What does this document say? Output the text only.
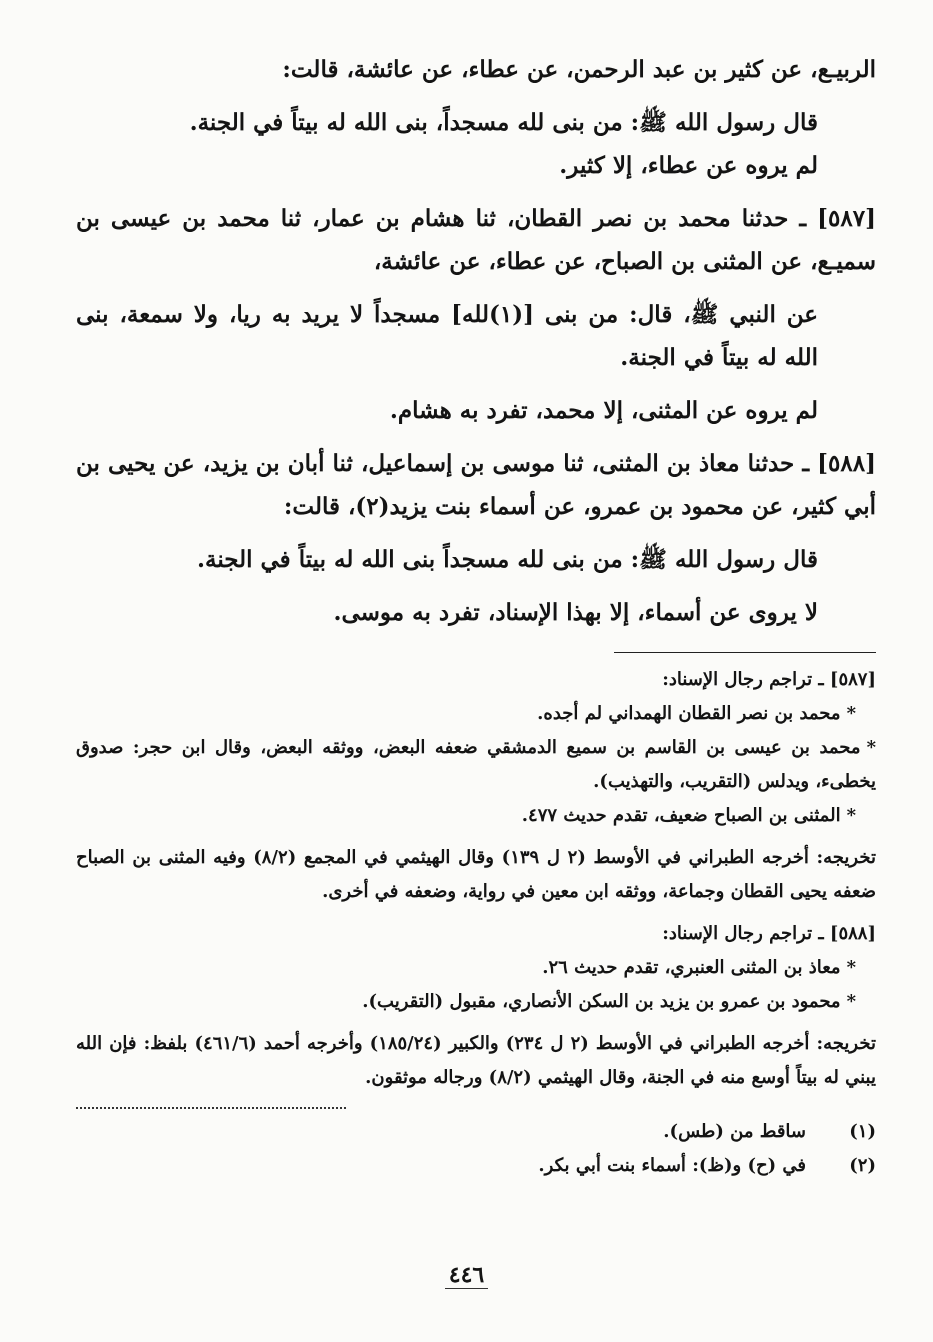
الربيـع، عن كثير بن عبد الرحمن، عن عطاء، عن عائشة، قالت:

قال رسول الله ﷺ: من بنى لله مسجداً، بنى الله له بيتاً في الجنة.

لم يروه عن عطاء، إلا كثير.

[٥٨٧] ـ حدثنا محمد بن نصر القطان، ثنا هشام بن عمار، ثنا محمد بن عيسى بن سميـع، عن المثنى بن الصباح، عن عطاء، عن عائشة،

عن النبي ﷺ، قال: من بنى [(١)لله] مسجداً لا يريد به ريا، ولا سمعة، بنى الله له بيتاً في الجنة.

لم يروه عن المثنى، إلا محمد، تفرد به هشام.

[٥٨٨] ـ حدثنا معاذ بن المثنى، ثنا موسى بن إسماعيل، ثنا أبان بن يزيد، عن يحيى بن أبي كثير، عن محمود بن عمرو، عن أسماء بنت يزيد(٢)، قالت:

قال رسول الله ﷺ: من بنى لله مسجداً بنى الله له بيتاً في الجنة.

لا يروى عن أسماء، إلا بهذا الإسناد، تفرد به موسى.

[٥٨٧] ـ تراجم رجال الإسناد:

*محمد بن نصر القطان الهمداني لم أجده.

*محمد بن عيسى بن القاسم بن سميع الدمشقي ضعفه البعض، ووثقه البعض، وقال ابن حجر: صدوق يخطىء، ويدلس (التقريب، والتهذيب).

*المثنى بن الصباح ضعيف، تقدم حديث ٤٧٧.

تخريجه: أخرجه الطبراني في الأوسط (٢ ل ١٣٩) وقال الهيثمي في المجمع (٨/٢) وفيه المثنى بن الصباح ضعفه يحيى القطان وجماعة، ووثقه ابن معين في رواية، وضعفه في أخرى.

[٥٨٨] ـ تراجم رجال الإسناد:

*معاذ بن المثنى العنبري، تقدم حديث ٢٦.

*محمود بن عمرو بن يزيد بن السكن الأنصاري، مقبول (التقريب).

تخريجه: أخرجه الطبراني في الأوسط (٢ ل ٢٣٤) والكبير (١٨٥/٢٤) وأخرجه أحمد (٤٦١/٦) بلفظ: فإن الله يبني له بيتاً أوسع منه في الجنة، وقال الهيثمي (٨/٢) ورجاله موثقون.

(١)
ساقط من (طس).
(٢)
في (ح) و(ظ): أسماء بنت أبي بكر.
٤٤٦
